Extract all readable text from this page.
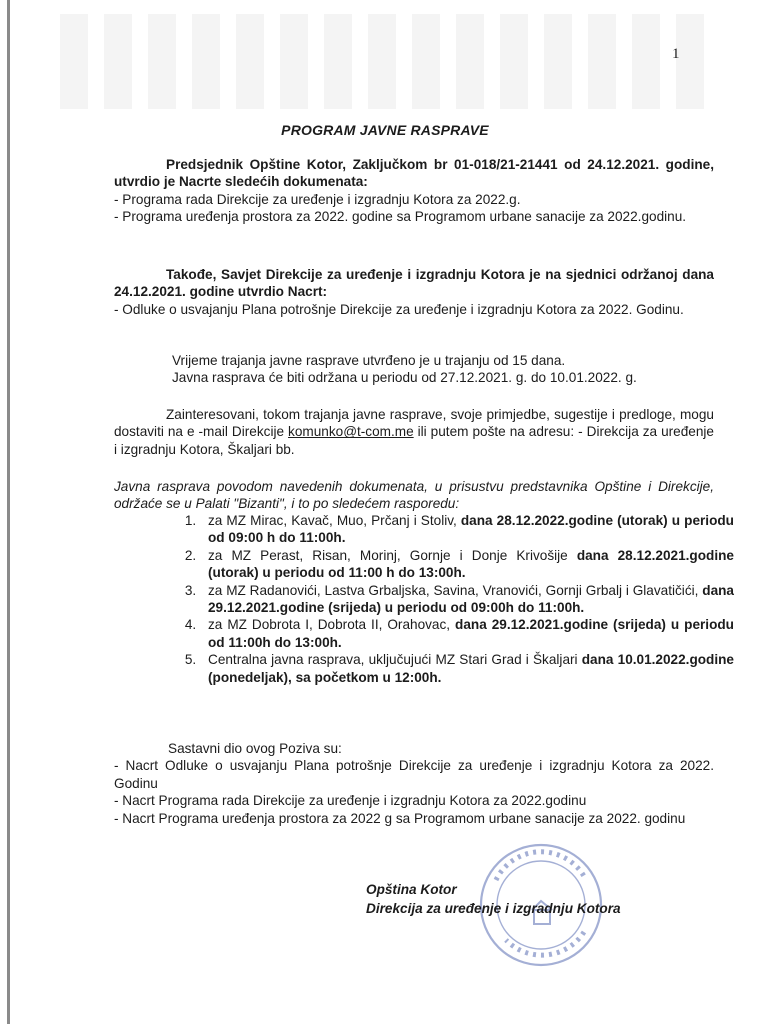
1
PROGRAM JAVNE RASPRAVE

Predsjednik Opštine Kotor, Zaključkom br 01-018/21-21441 od 24.12.2021. godine, utvrdio je Nacrte sledećih dokumenata:

- Programa rada Direkcije za uređenje i izgradnju Kotora za 2022.g.

- Programa uređenja prostora za 2022. godine sa Programom urbane sanacije za 2022.godinu.

Takođe, Savjet Direkcije za uređenje i izgradnju Kotora je na sjednici održanoj dana 24.12.2021. godine utvrdio Nacrt:

- Odluke o usvajanju Plana potrošnje Direkcije za uređenje i izgradnju Kotora za 2022. Godinu.

Vrijeme trajanja javne rasprave utvrđeno je u trajanju od 15 dana.

Javna rasprava će biti održana u periodu od 27.12.2021. g. do 10.01.2022. g.

Zainteresovani, tokom trajanja javne rasprave, svoje primjedbe, sugestije i predloge, mogu dostaviti na e -mail Direkcije komunko@t-com.me ili putem pošte na adresu: - Direkcija za uređenje i izgradnju Kotora, Škaljari bb.

Javna rasprava povodom navedenih dokumenata, u prisustvu predstavnika Opštine i Direkcije, održaće se u Palati "Bizanti", i to po sledećem rasporedu:

1. za MZ Mirac, Kavač, Muo, Prčanj i Stoliv, dana 28.12.2022.godine (utorak) u periodu od 09:00 h do 11:00h.
2. za MZ Perast, Risan, Morinj, Gornje i Donje Krivošije dana 28.12.2021.godine (utorak) u periodu od 11:00 h do 13:00h.
3. za MZ Radanovići, Lastva Grbaljska, Savina, Vranovići, Gornji Grbalj i Glavatičići, dana 29.12.2021.godine (srijeda) u periodu od 09:00h do 11:00h.
4. za MZ Dobrota I, Dobrota II, Orahovac, dana 29.12.2021.godine (srijeda) u periodu od 11:00h do 13:00h.
5. Centralna javna rasprava, uključujući MZ Stari Grad i Škaljari dana 10.01.2022.godine (ponedeljak), sa početkom u 12:00h.

Sastavni dio ovog Poziva su:

- Nacrt Odluke o usvajanju Plana potrošnje Direkcije za uređenje i izgradnju Kotora za 2022. Godinu

- Nacrt Programa rada Direkcije za uređenje i izgradnju Kotora za 2022.godinu

- Nacrt Programa uređenja prostora za 2022 g sa Programom urbane sanacije za 2022. godinu

Opština Kotor
Direkcija za uređenje i izgradnju Kotora
